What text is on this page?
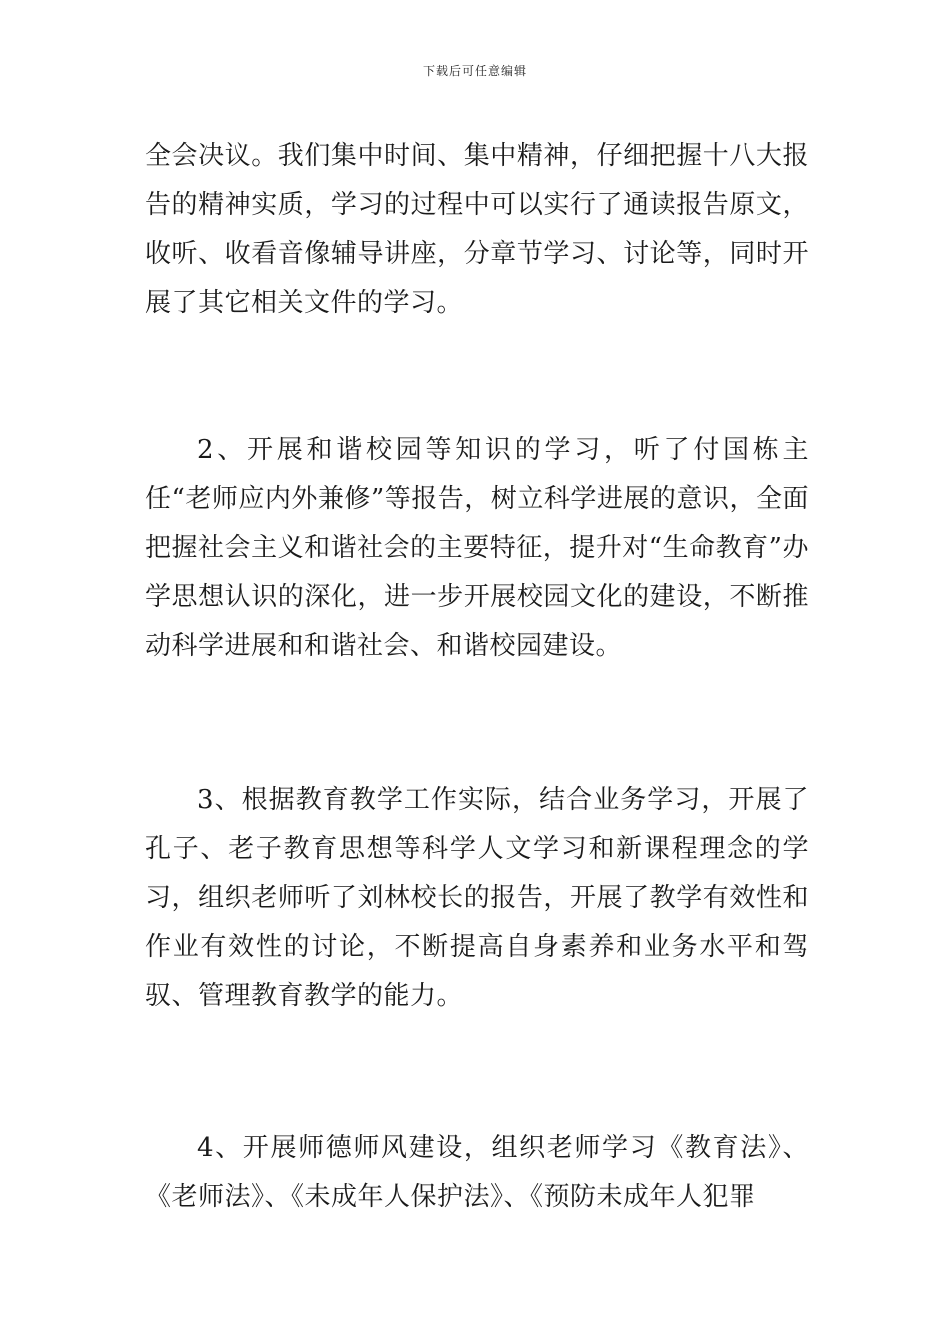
下载后可任意编辑

全会决议。我们集中时间、集中精神，仔细把握十八大报告的精神实质，学习的过程中可以实行了通读报告原文，收听、收看音像辅导讲座，分章节学习、讨论等，同时开展了其它相关文件的学习。

2、开展和谐校园等知识的学习，听了付国栋主任“老师应内外兼修”等报告，树立科学进展的意识，全面把握社会主义和谐社会的主要特征，提升对“生命教育”办学思想认识的深化，进一步开展校园文化的建设，不断推动科学进展和和谐社会、和谐校园建设。

3、根据教育教学工作实际，结合业务学习，开展了孔子、老子教育思想等科学人文学习和新课程理念的学习，组织老师听了刘林校长的报告，开展了教学有效性和作业有效性的讨论，不断提高自身素养和业务水平和驾驭、管理教育教学的能力。

4、开展师德师风建设，组织老师学习《教育法》、《老师法》、《未成年人保护法》、《预防未成年人犯罪
